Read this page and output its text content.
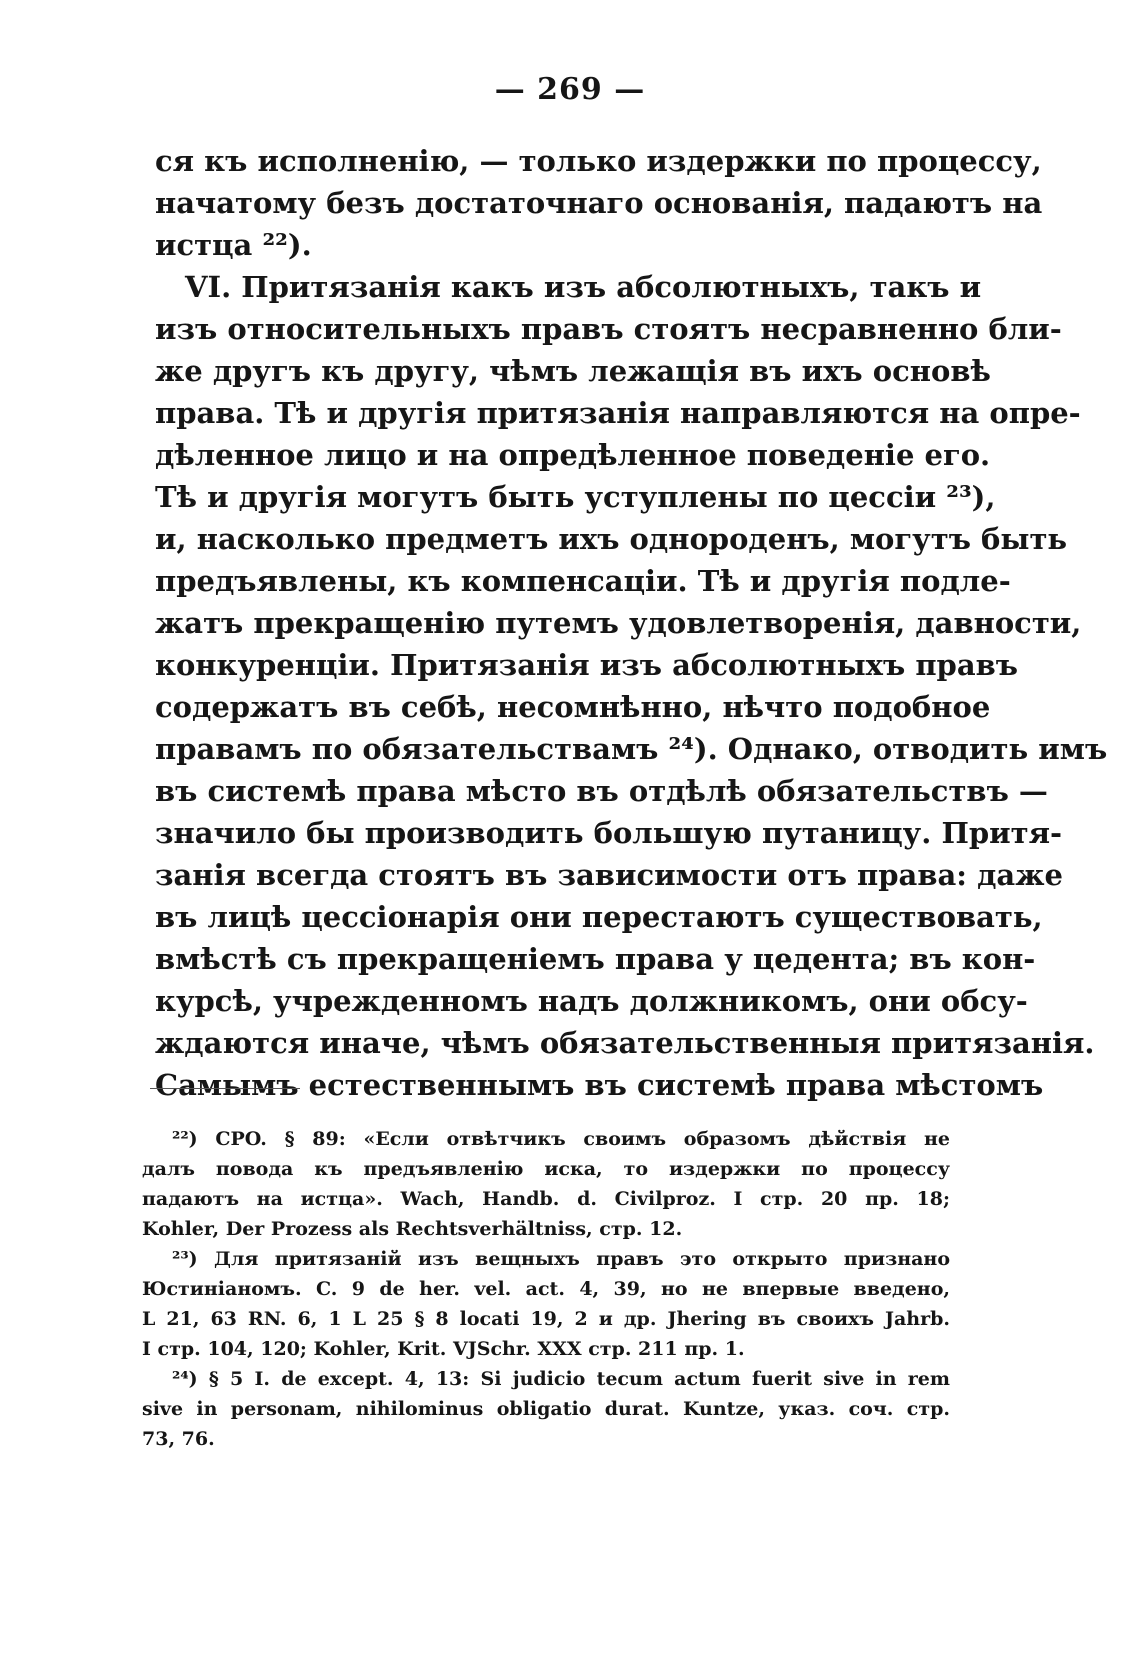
— 269 —
ся къ исполненію, — только издержки по процессу,
начатому безъ достаточнаго основанія, падаютъ на
истца ²²).
VI. Притязанія какъ изъ абсолютныхъ, такъ и
изъ относительныхъ правъ стоятъ несравненно бли-
же другъ къ другу, чѣмъ лежащія въ ихъ основѣ
права. Тѣ и другія притязанія направляются на опре-
дѣленное лицо и на опредѣленное поведеніе его.
Тѣ и другія могутъ быть уступлены по цессіи ²³),
и, насколько предметъ ихъ однороденъ, могутъ быть
предъявлены, къ компенсаціи. Тѣ и другія подле-
жатъ прекращенію путемъ удовлетворенія, давности,
конкуренціи. Притязанія изъ абсолютныхъ правъ
содержатъ въ себѣ, несомнѣнно, нѣчто подобное
правамъ по обязательствамъ ²⁴). Однако, отводить имъ
въ системѣ права мѣсто въ отдѣлѣ обязательствъ —
значило бы производить большую путаницу. Притя-
занія всегда стоятъ въ зависимости отъ права: даже
въ лицѣ цессіонарія они перестаютъ существовать,
вмѣстѣ съ прекращеніемъ права у цедента; въ кон-
курсѣ, учрежденномъ надъ должникомъ, они обсу-
ждаются иначе, чѣмъ обязательственныя притязанія.
Самымъ естественнымъ въ системѣ права мѣстомъ
²²) CPO. § 89: «Если отвѣтчикъ своимъ образомъ дѣйствія не
далъ повода къ предъявленію иска, то издержки по процессу
падаютъ на истца». Wach, Handb. d. Civilproz. I стр. 20 пр. 18;
Kohler, Der Prozess als Rechtsverhältniss, стр. 12.
²³) Для притязаній изъ вещныхъ правъ это открыто признано
Юстиніаномъ. C. 9 de her. vel. act. 4, 39, но не впервые введено,
L 21, 63 RN. 6, 1 L 25 § 8 locati 19, 2 и др. Jhering въ своихъ Jahrb.
I стр. 104, 120; Kohler, Krit. VJSchr. XXX стр. 211 пр. 1.
²⁴) § 5 I. de except. 4, 13: Si judicio tecum actum fuerit sive in rem
sive in personam, nihilominus obligatio durat. Kuntze, указ. соч. стр.
73, 76.
